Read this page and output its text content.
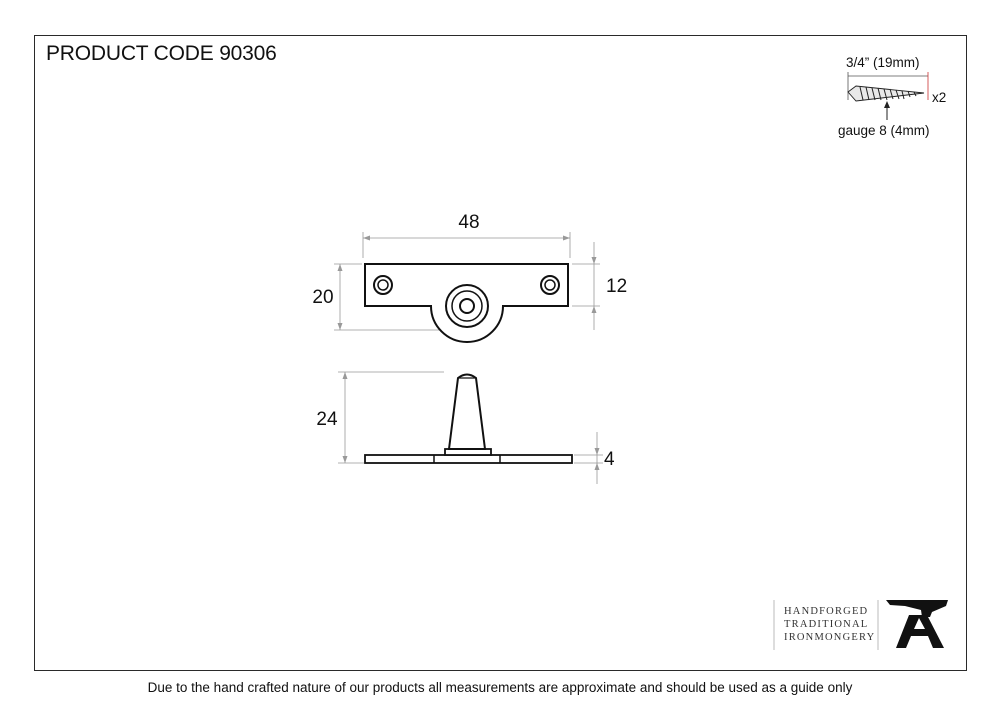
PRODUCT CODE 90306	3/4” (19mm)
x2
gauge 8 (4mm)
48
20
12
24
4
HANDFORGED
TRADITIONAL
IRONMONGERY
Due to the hand crafted nature of our products all measurements are approximate and should be used as a guide only
